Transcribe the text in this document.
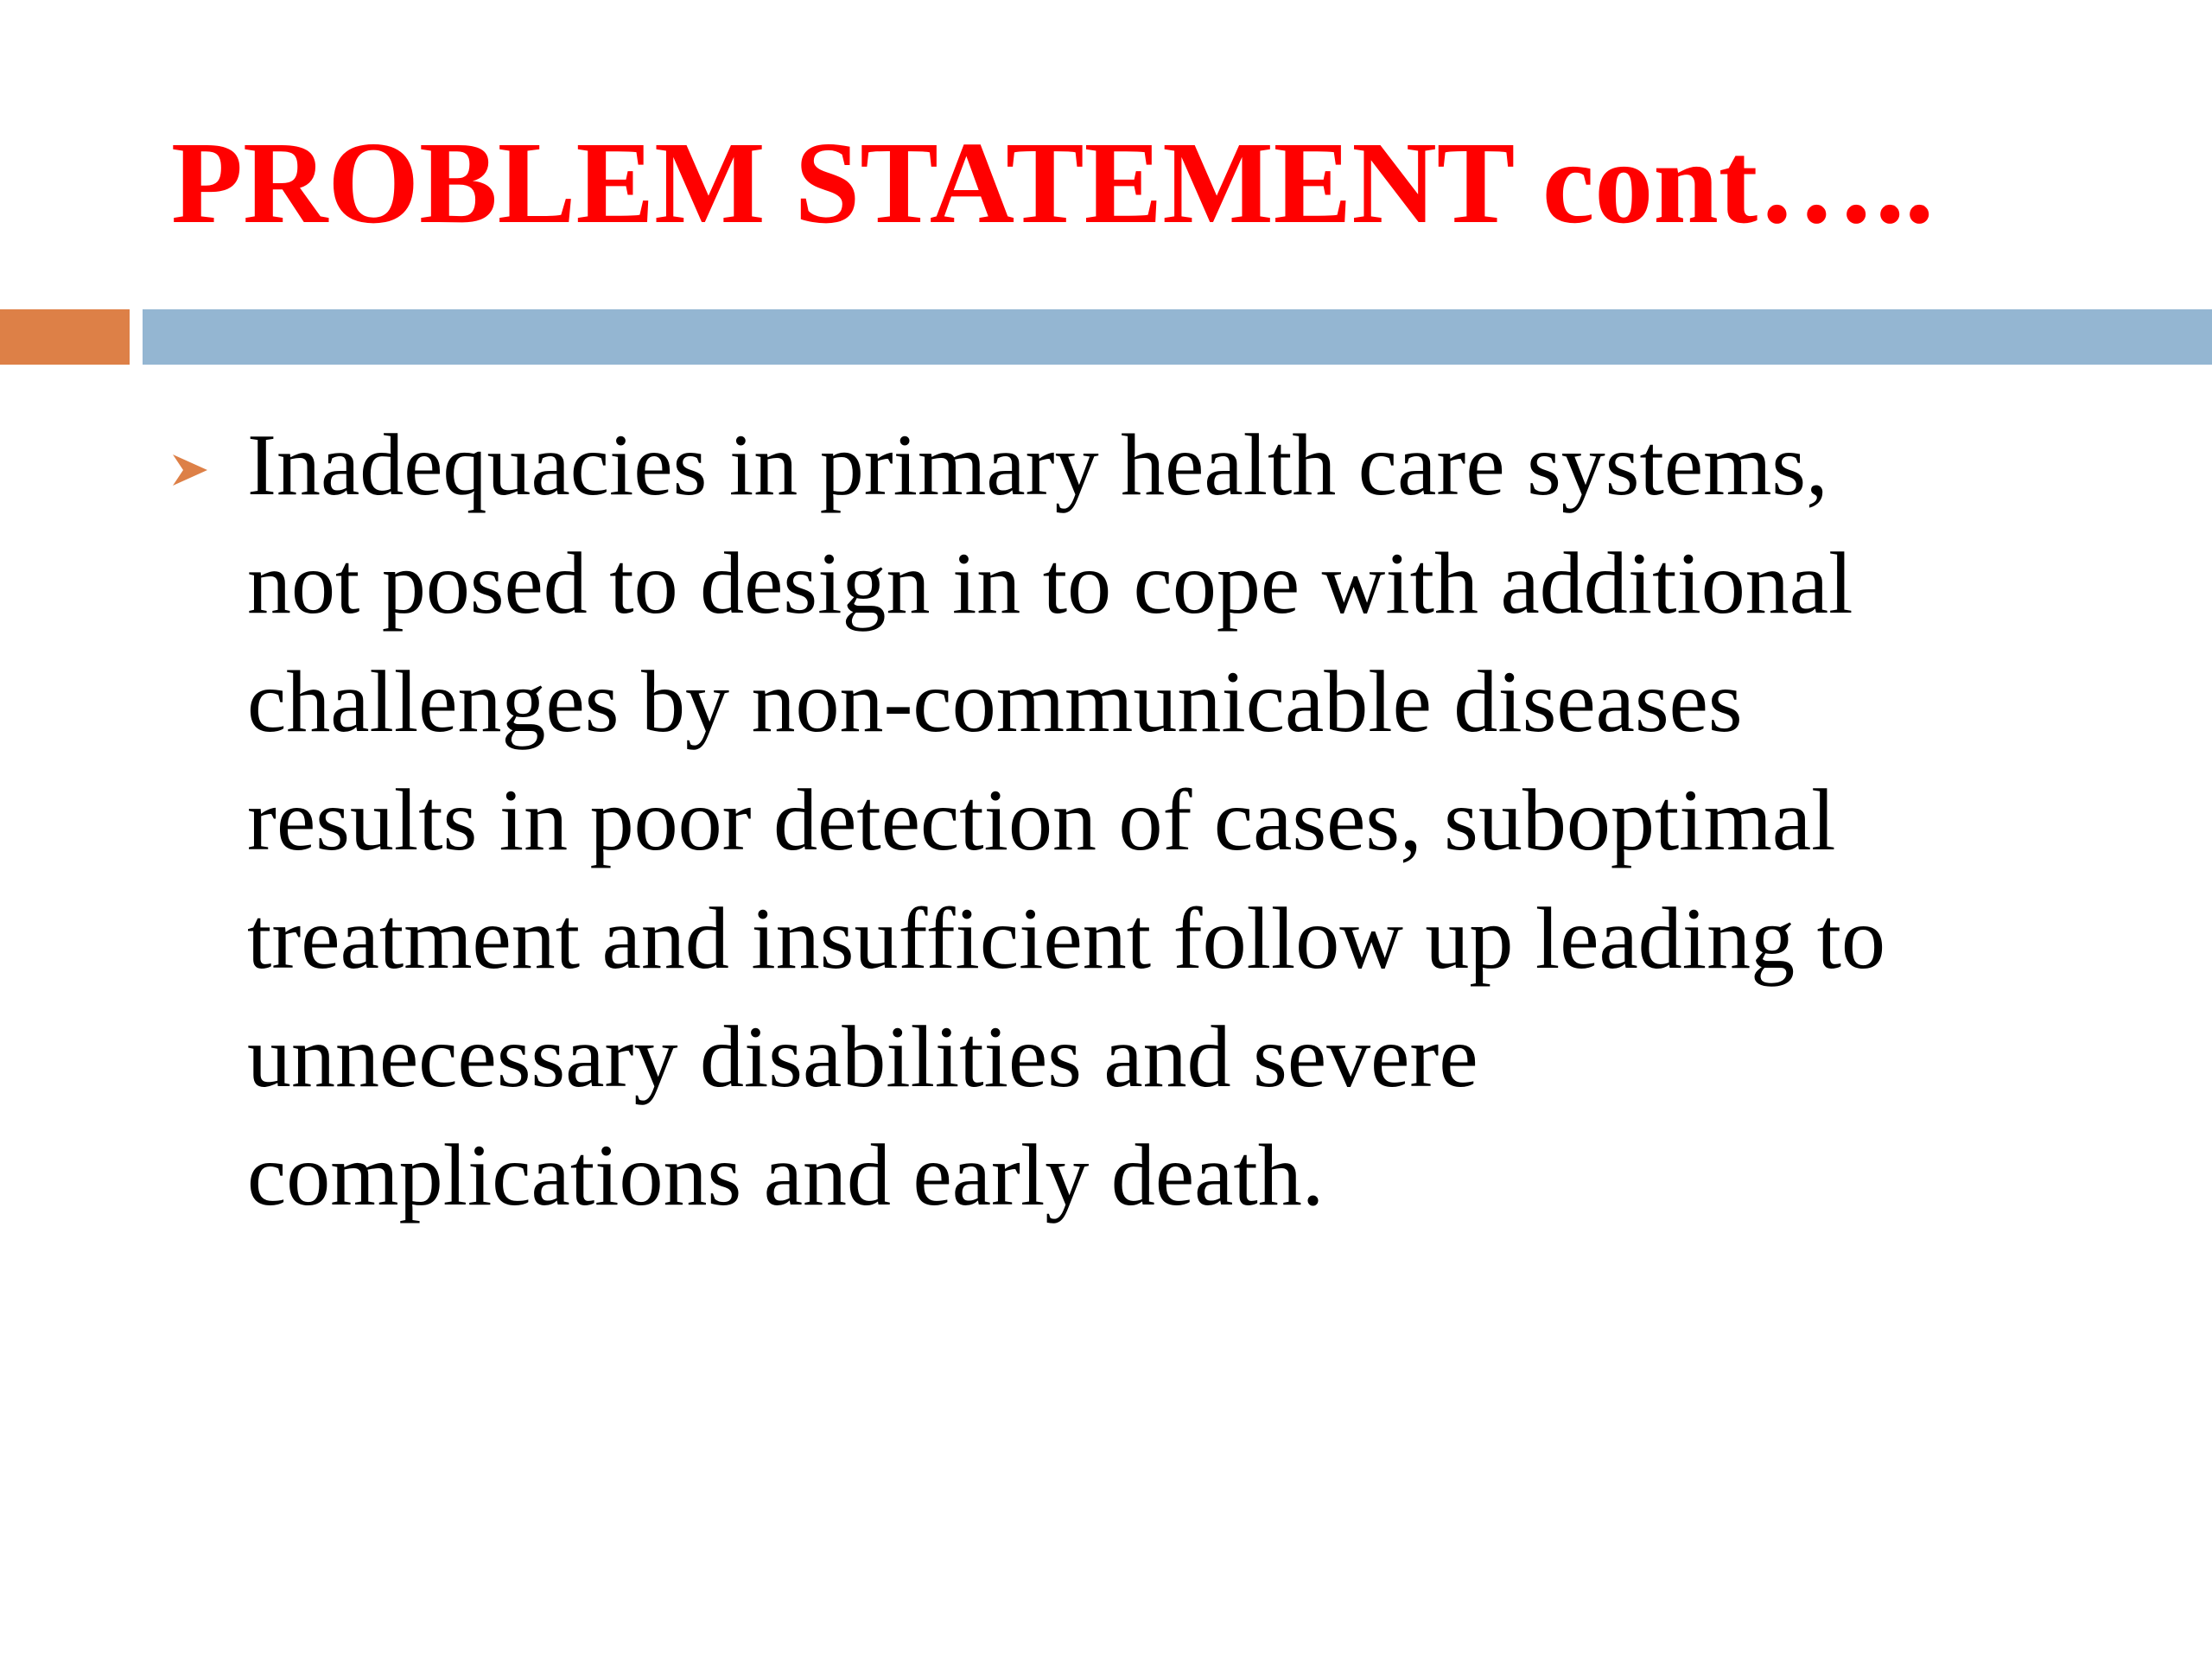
PROBLEM STATEMENT cont…..
Inadequacies in primary health care systems,
not posed to design in to cope with additional
challenges by non-communicable diseases
results in poor detection of cases, suboptimal
treatment and insufficient follow up leading to
unnecessary disabilities and severe
complications and early death.
